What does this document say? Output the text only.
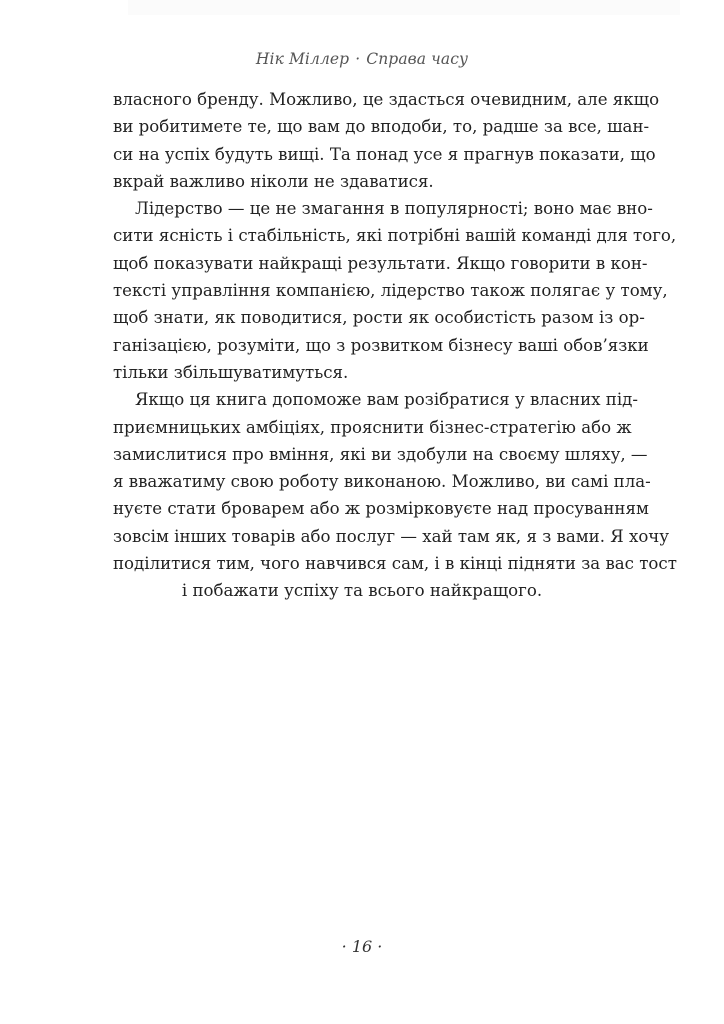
Нік Міллер · Справа часу
власного бренду. Можливо, це здасться очевидним, але якщо
ви робитимете те, що вам до вподоби, то, радше за все, шан-
си на успіх будуть вищі. Та понад усе я прагнув показати, що
вкрай важливо ніколи не здаватися.
Лідерство — це не змагання в популярності; воно має вно-
сити ясність і стабільність, які потрібні вашій команді для того,
щоб показувати найкращі результати. Якщо говорити в кон-
тексті управління компанією, лідерство також полягає у тому,
щоб знати, як поводитися, рости як особистість разом із ор-
ганізацією, розуміти, що з розвитком бізнесу ваші обов’язки
тільки збільшуватимуться.
Якщо ця книга допоможе вам розібратися у власних під-
приємницьких амбіціях, прояснити бізнес-стратегію або ж
замислитися про вміння, які ви здобули на своєму шляху, —
я вважатиму свою роботу виконаною. Можливо, ви самі пла-
нуєте стати броварем або ж розмірковуєте над просуванням
зовсім інших товарів або послуг — хай там як, я з вами. Я хочу
поділитися тим, чого навчився сам, і в кінці підняти за вас тост
і побажати успіху та всього найкращого.
· 16 ·
